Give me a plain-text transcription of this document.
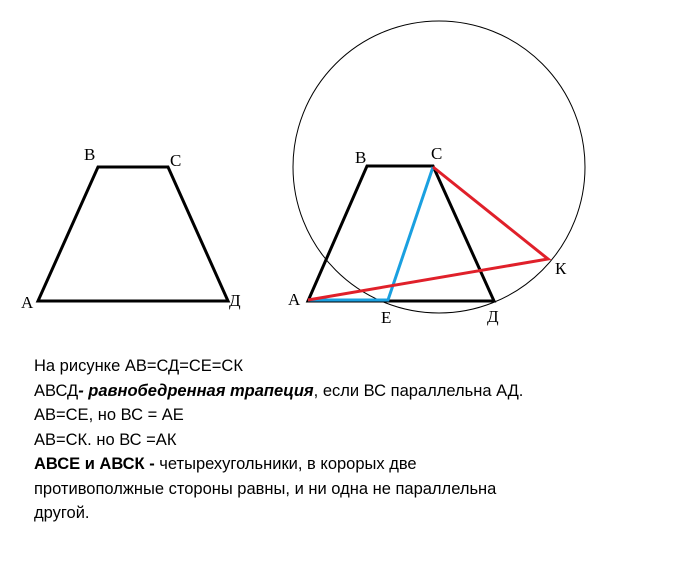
В	С
А	Д
В	С
А
Е	Д
К
На рисунке АВ=СД=СЕ=СК
АВСД- равнобедренная трапеция, если ВС параллельна АД.
АВ=СЕ, но ВС = АЕ
АВ=СК. но ВС =АК
АВСЕ и АВСК - четырехугольники, в корорых две
противополжные стороны равны, и ни одна не параллельна
другой.
